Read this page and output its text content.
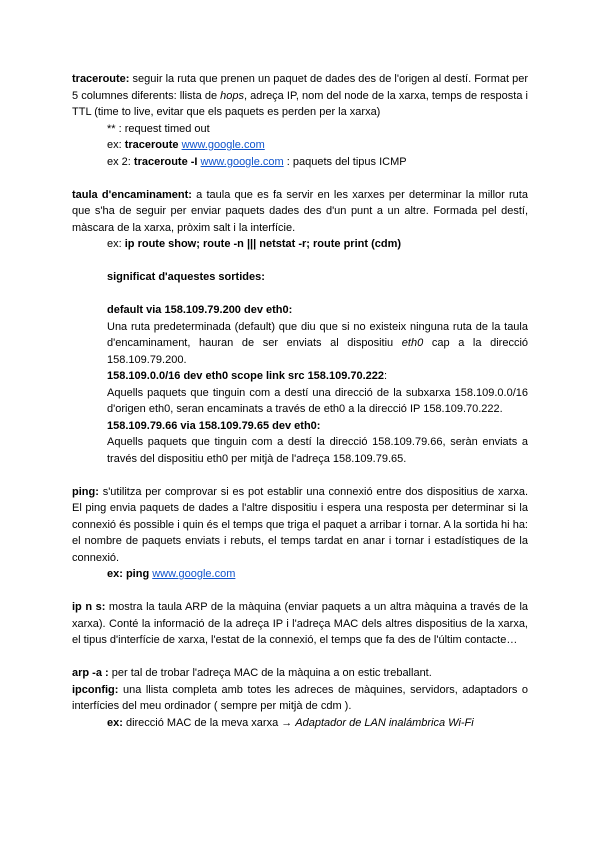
traceroute: seguir la ruta que prenen un paquet de dades des de l'origen al destí. Format per 5 columnes diferents: llista de hops, adreça IP, nom del node de la xarxa, temps de resposta i TTL (time to live, evitar que els paquets es perden per la xarxa)

** : request timed out

ex: traceroute www.google.com

ex 2: traceroute -I www.google.com : paquets del tipus ICMP

taula d'encaminament: a taula que es fa servir en les xarxes per determinar la millor ruta que s'ha de seguir per enviar paquets dades des d'un punt a un altre. Formada pel destí, màscara de la xarxa, pròxim salt i la interfície.

ex: ip route show; route -n ||| netstat -r; route print (cdm)

significat d'aquestes sortides:

default via 158.109.79.200 dev eth0:

Una ruta predeterminada (default) que diu que si no existeix ninguna ruta de la taula d'encaminament, hauran de ser enviats al dispositiu eth0 cap a la direcció 158.109.79.200.

158.109.0.0/16 dev eth0 scope link src 158.109.70.222:

Aquells paquets que tinguin com a destí una direcció de la subxarxa 158.109.0.0/16 d'origen eth0, seran encaminats a través de eth0 a la direcció IP 158.109.70.222.

158.109.79.66 via 158.109.79.65 dev eth0:

Aquells paquets que tinguin com a destí la direcció 158.109.79.66, seràn enviats a través del dispositiu eth0 per mitjà de l'adreça 158.109.79.65.

ping: s'utilitza per comprovar si es pot establir una connexió entre dos dispositius de xarxa. El ping envia paquets de dades a l'altre dispositiu i espera una resposta per determinar si la connexió és possible i quin és el temps que triga el paquet a arribar i tornar. A la sortida hi ha: el nombre de paquets enviats i rebuts, el temps tardat en anar i tornar i estadístiques de la connexió.

ex: ping www.google.com

ip n s: mostra la taula ARP de la màquina (enviar paquets a un altra màquina a través de la xarxa). Conté la informació de la adreça IP i l'adreça MAC dels altres dispositius de la xarxa, el tipus d'interfície de xarxa, l'estat de la connexió, el temps que fa des de l'últim contacte…

arp -a : per tal de trobar l'adreça MAC de la màquina a on estic treballant.

ipconfig: una llista completa amb totes les adreces de màquines, servidors, adaptadors o interfícies del meu ordinador ( sempre per mitjà de cdm ).

ex: direcció MAC de la meva xarxa → Adaptador de LAN inalámbrica Wi-Fi
